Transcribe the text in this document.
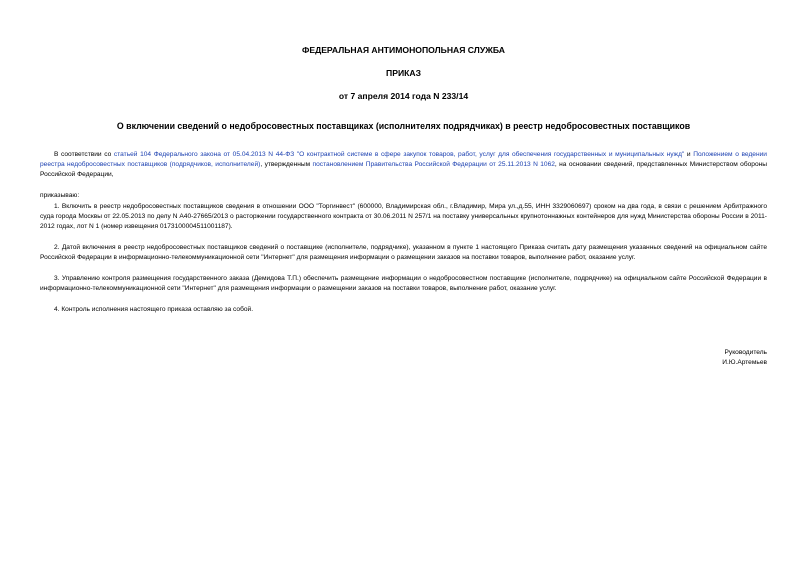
ФЕДЕРАЛЬНАЯ АНТИМОНОПОЛЬНАЯ СЛУЖБА

ПРИКАЗ

от 7 апреля 2014 года N 233/14

О включении сведений о недобросовестных поставщиках (исполнителях подрядчиках) в реестр недобросовестных поставщиков

В соответствии со статьей 104 Федерального закона от 05.04.2013 N 44-ФЗ "О контрактной системе в сфере закупок товаров, работ, услуг для обеспечения государственных и муниципальных нужд" и Положением о ведении реестра недобросовестных поставщиков (подрядчиков, исполнителей), утвержденным постановлением Правительства Российской Федерации от 25.11.2013 N 1062, на основании сведений, представленных Министерством обороны Российской Федерации,

приказываю:

1. Включить в реестр недобросовестных поставщиков сведения в отношении ООО "Торгинвест" (600000, Владимирская обл., г.Владимир, Мира ул.,д.55, ИНН 3329060697) сроком на два года, в связи с решением Арбитражного суда города Москвы от 22.05.2013 по делу N А40-27665/2013 о расторжении государственного контракта от 30.06.2011 N 257/1 на поставку универсальных крупнотоннажных контейнеров для нужд Министерства обороны России в 2011-2012 годах, лот N 1 (номер извещения 0173100004511001187).

2. Датой включения в реестр недобросовестных поставщиков сведений о поставщике (исполнителе, подрядчике), указанном в пункте 1 настоящего Приказа считать дату размещения указанных сведений на официальном сайте Российской Федерации в информационно-телекоммуникационной сети "Интернет" для размещения информации о размещении заказов на поставки товаров, выполнение работ, оказание услуг.

3. Управлению контроля размещения государственного заказа (Демидова Т.П.) обеспечить размещение информации о недобросовестном поставщике (исполнителе, подрядчике) на официальном сайте Российской Федерации в информационно-телекоммуникационной сети "Интернет" для размещения информации о размещении заказов на поставки товаров, выполнение работ, оказание услуг.

4. Контроль исполнения настоящего приказа оставляю за собой.

Руководитель

И.Ю.Артемьев
